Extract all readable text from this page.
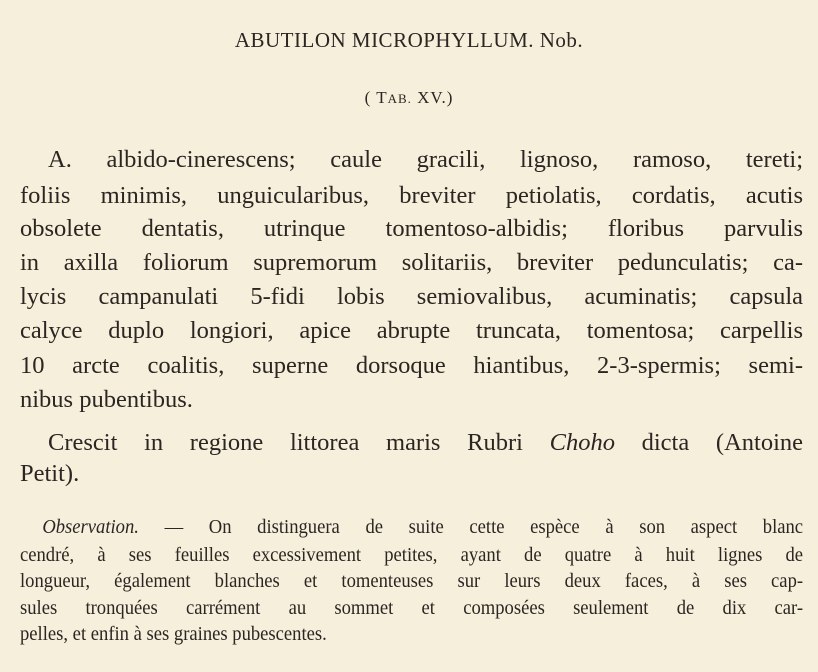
ABUTILON MICROPHYLLUM. Nob.
( TAB. XV.)
A. albido-cinerescens; caule gracili, lignoso, ramoso, tereti;
foliis minimis, unguicularibus, breviter petiolatis, cordatis, acutis
obsolete dentatis, utrinque tomentoso-albidis; floribus parvulis
in axilla foliorum supremorum solitariis, breviter pedunculatis; ca-
lycis campanulati 5-fidi lobis semiovalibus, acuminatis; capsula
calyce duplo longiori, apice abrupte truncata, tomentosa; carpellis
10 arcte coalitis, superne dorsoque hiantibus, 2-3-spermis; semi-
nibus pubentibus.
Crescit in regione littorea maris Rubri Choho dicta (Antoine
Petit).
Observation. — On distinguera de suite cette espèce à son aspect blanc
cendré, à ses feuilles excessivement petites, ayant de quatre à huit lignes de
longueur, également blanches et tomenteuses sur leurs deux faces, à ses cap-
sules tronquées carrément au sommet et composées seulement de dix car-
pelles, et enfin à ses graines pubescentes.
